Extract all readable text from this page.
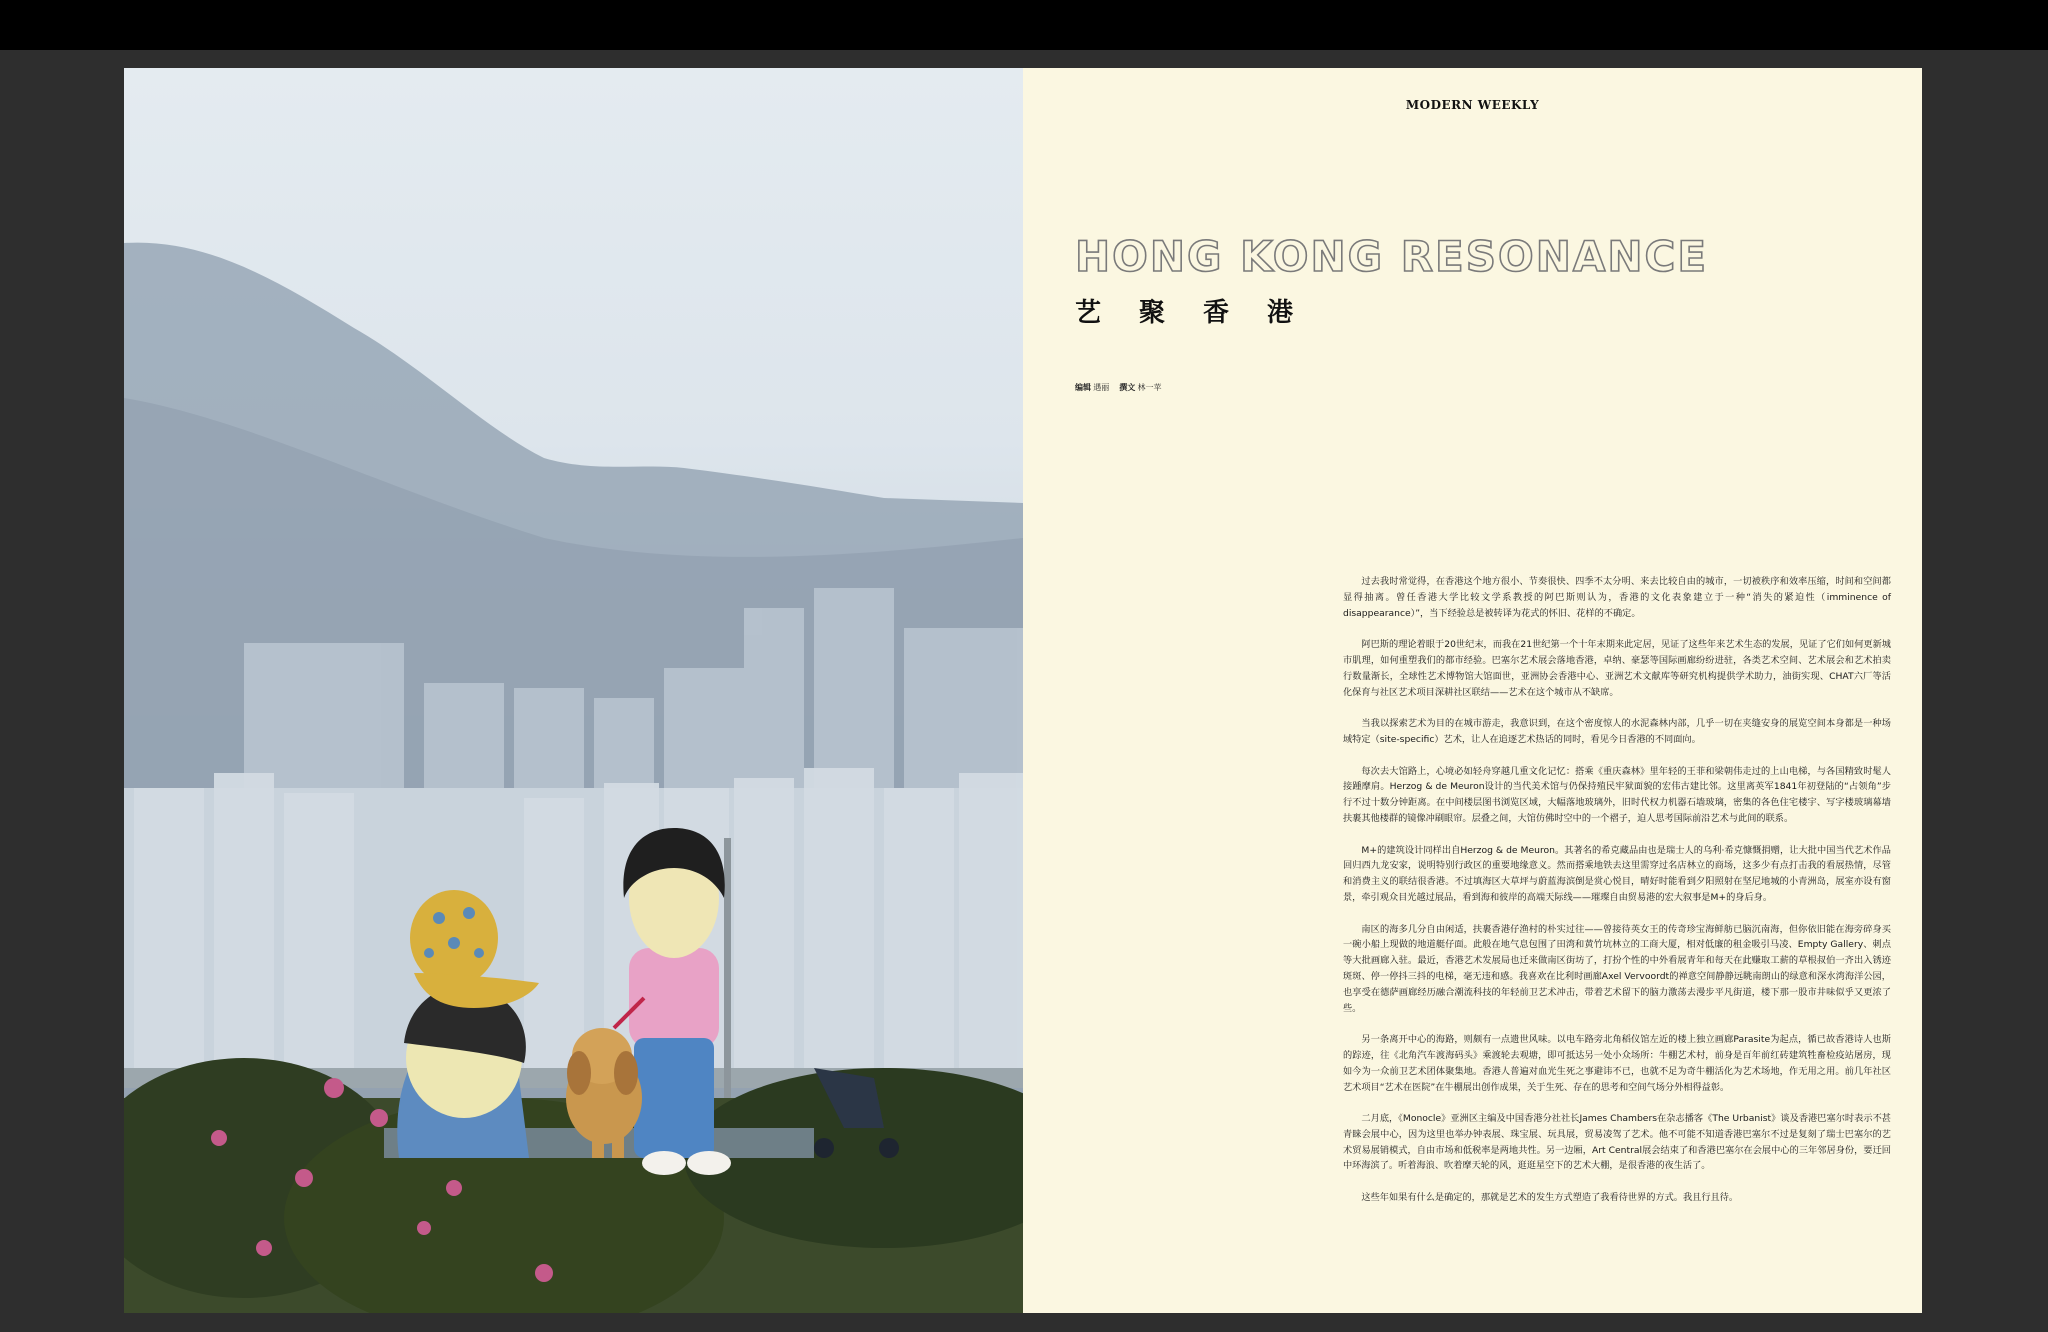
MODERN WEEKLY
HONG KONG RESONANCE
艺聚香港
编辑 遇丽 撰文 林一苹

过去我时常觉得，在香港这个地方很小、节奏很快、四季不太分明、来去比较自由的城市，一切被秩序和效率压缩，时间和空间都显得抽离。曾任香港大学比较文学系教授的阿巴斯则认为，香港的文化表象建立于一种“消失的紧迫性（imminence of disappearance）”，当下经验总是被转译为花式的怀旧、花样的不确定。

阿巴斯的理论着眼于20世纪末，而我在21世纪第一个十年末期来此定居，见证了这些年来艺术生态的发展，见证了它们如何更新城市肌理，如何重塑我们的都市经验。巴塞尔艺术展会落地香港，卓纳、豪瑟等国际画廊纷纷进驻，各类艺术空间、艺术展会和艺术拍卖行数量渐长，全球性艺术博物馆大馆面世，亚洲协会香港中心、亚洲艺术文献库等研究机构提供学术助力，油街实现、CHAT六厂等活化保育与社区艺术项目深耕社区联结——艺术在这个城市从不缺席。

当我以探索艺术为目的在城市游走，我意识到，在这个密度惊人的水泥森林内部，几乎一切在夹缝安身的展览空间本身都是一种场域特定（site-specific）艺术，让人在追逐艺术热话的同时，看见今日香港的不同面向。

每次去大馆路上，心境必如轻舟穿越几重文化记忆：搭乘《重庆森林》里年轻的王菲和梁朝伟走过的上山电梯，与各国精致时髦人接踵摩肩。Herzog & de Meuron设计的当代美术馆与仍保持殖民牢狱面貌的宏伟古建比邻。这里离英军1841年初登陆的“占领角”步行不过十数分钟距离。在中间楼层图书浏览区域，大幅落地玻璃外，旧时代权力机器石墙玻璃，密集的各色住宅楼宇、写字楼玻璃幕墙扶裹其他楼群的镜像冲刷眼帘。层叠之间，大馆仿佛时空中的一个褶子，迫人思考国际前沿艺术与此间的联系。

M+的建筑设计同样出自Herzog & de Meuron。其著名的希克藏品由也是瑞士人的乌利·希克慷慨捐赠，让大批中国当代艺术作品回归西九龙安家，说明特别行政区的重要地缘意义。然而搭乘地铁去这里需穿过名店林立的商场，这多少有点打击我的看展热情，尽管和消费主义的联结很香港。不过填海区大草坪与蔚蓝海滨倒是赏心悦目，晴好时能看到夕阳照射在坚尼地城的小青洲岛，展室亦设有窗景，牵引观众目光越过展品，看到海和彼岸的高端天际线——璀璨自由贸易港的宏大叙事是M+的身后身。

南区的海多几分自由闲适，扶裹香港仔渔村的朴实过往——曾接待英女王的传奇珍宝海鲜舫已脑沉南海，但你依旧能在海旁碎身买一碗小船上现做的地道艇仔面。此般在地气息包围了田湾和黄竹坑林立的工商大厦，相对低廉的租金吸引马凌、Empty Gallery、刺点等大批画廊入驻。最近，香港艺术发展局也迁来做南区街坊了，打扮个性的中外看展青年和每天在此赚取工薪的草根叔伯一齐出入锈迹斑斑、停一停抖三抖的电梯，毫无违和感。我喜欢在比利时画廊Axel Vervoordt的禅意空间静静远眺南朗山的绿意和深水湾海洋公园，也享受在德萨画廊经历融合潮流科技的年轻前卫艺术冲击，带着艺术留下的脑力激荡去漫步平凡街道，楼下那一股市井味似乎又更浓了些。

另一条离开中心的海路，则颇有一点遗世风味。以电车路旁北角稻仪馆左近的楼上独立画廊Parasite为起点，循已故香港诗人也斯的踪迹，往《北角汽车渡海码头》乘渡轮去观塘，即可抵达另一处小众场所：牛棚艺术村，前身是百年前红砖建筑牲畜检疫站屠房，现如今为一众前卫艺术团体聚集地。香港人普遍对血光生死之事避讳不已，也就不足为奇牛棚活化为艺术场地，作无用之用。前几年社区艺术项目“艺术在医院”在牛棚展出创作成果，关于生死、存在的思考和空间气场分外相得益彰。

二月底，《Monocle》亚洲区主编及中国香港分社社长James Chambers在杂志播客《The Urbanist》谈及香港巴塞尔时表示不甚青睐会展中心，因为这里也举办钟表展、珠宝展、玩具展，贸易凌驾了艺术。他不可能不知道香港巴塞尔不过是复刻了瑞士巴塞尔的艺术贸易展销模式，自由市场和低税率是两地共性。另一边厢，Art Central展会结束了和香港巴塞尔在会展中心的三年邻居身份，要迁回中环海滨了。听着海浪、吹着摩天轮的风，逛逛星空下的艺术大棚，是很香港的夜生活了。

这些年如果有什么是确定的，那就是艺术的发生方式塑造了我看待世界的方式。我且行且待。
